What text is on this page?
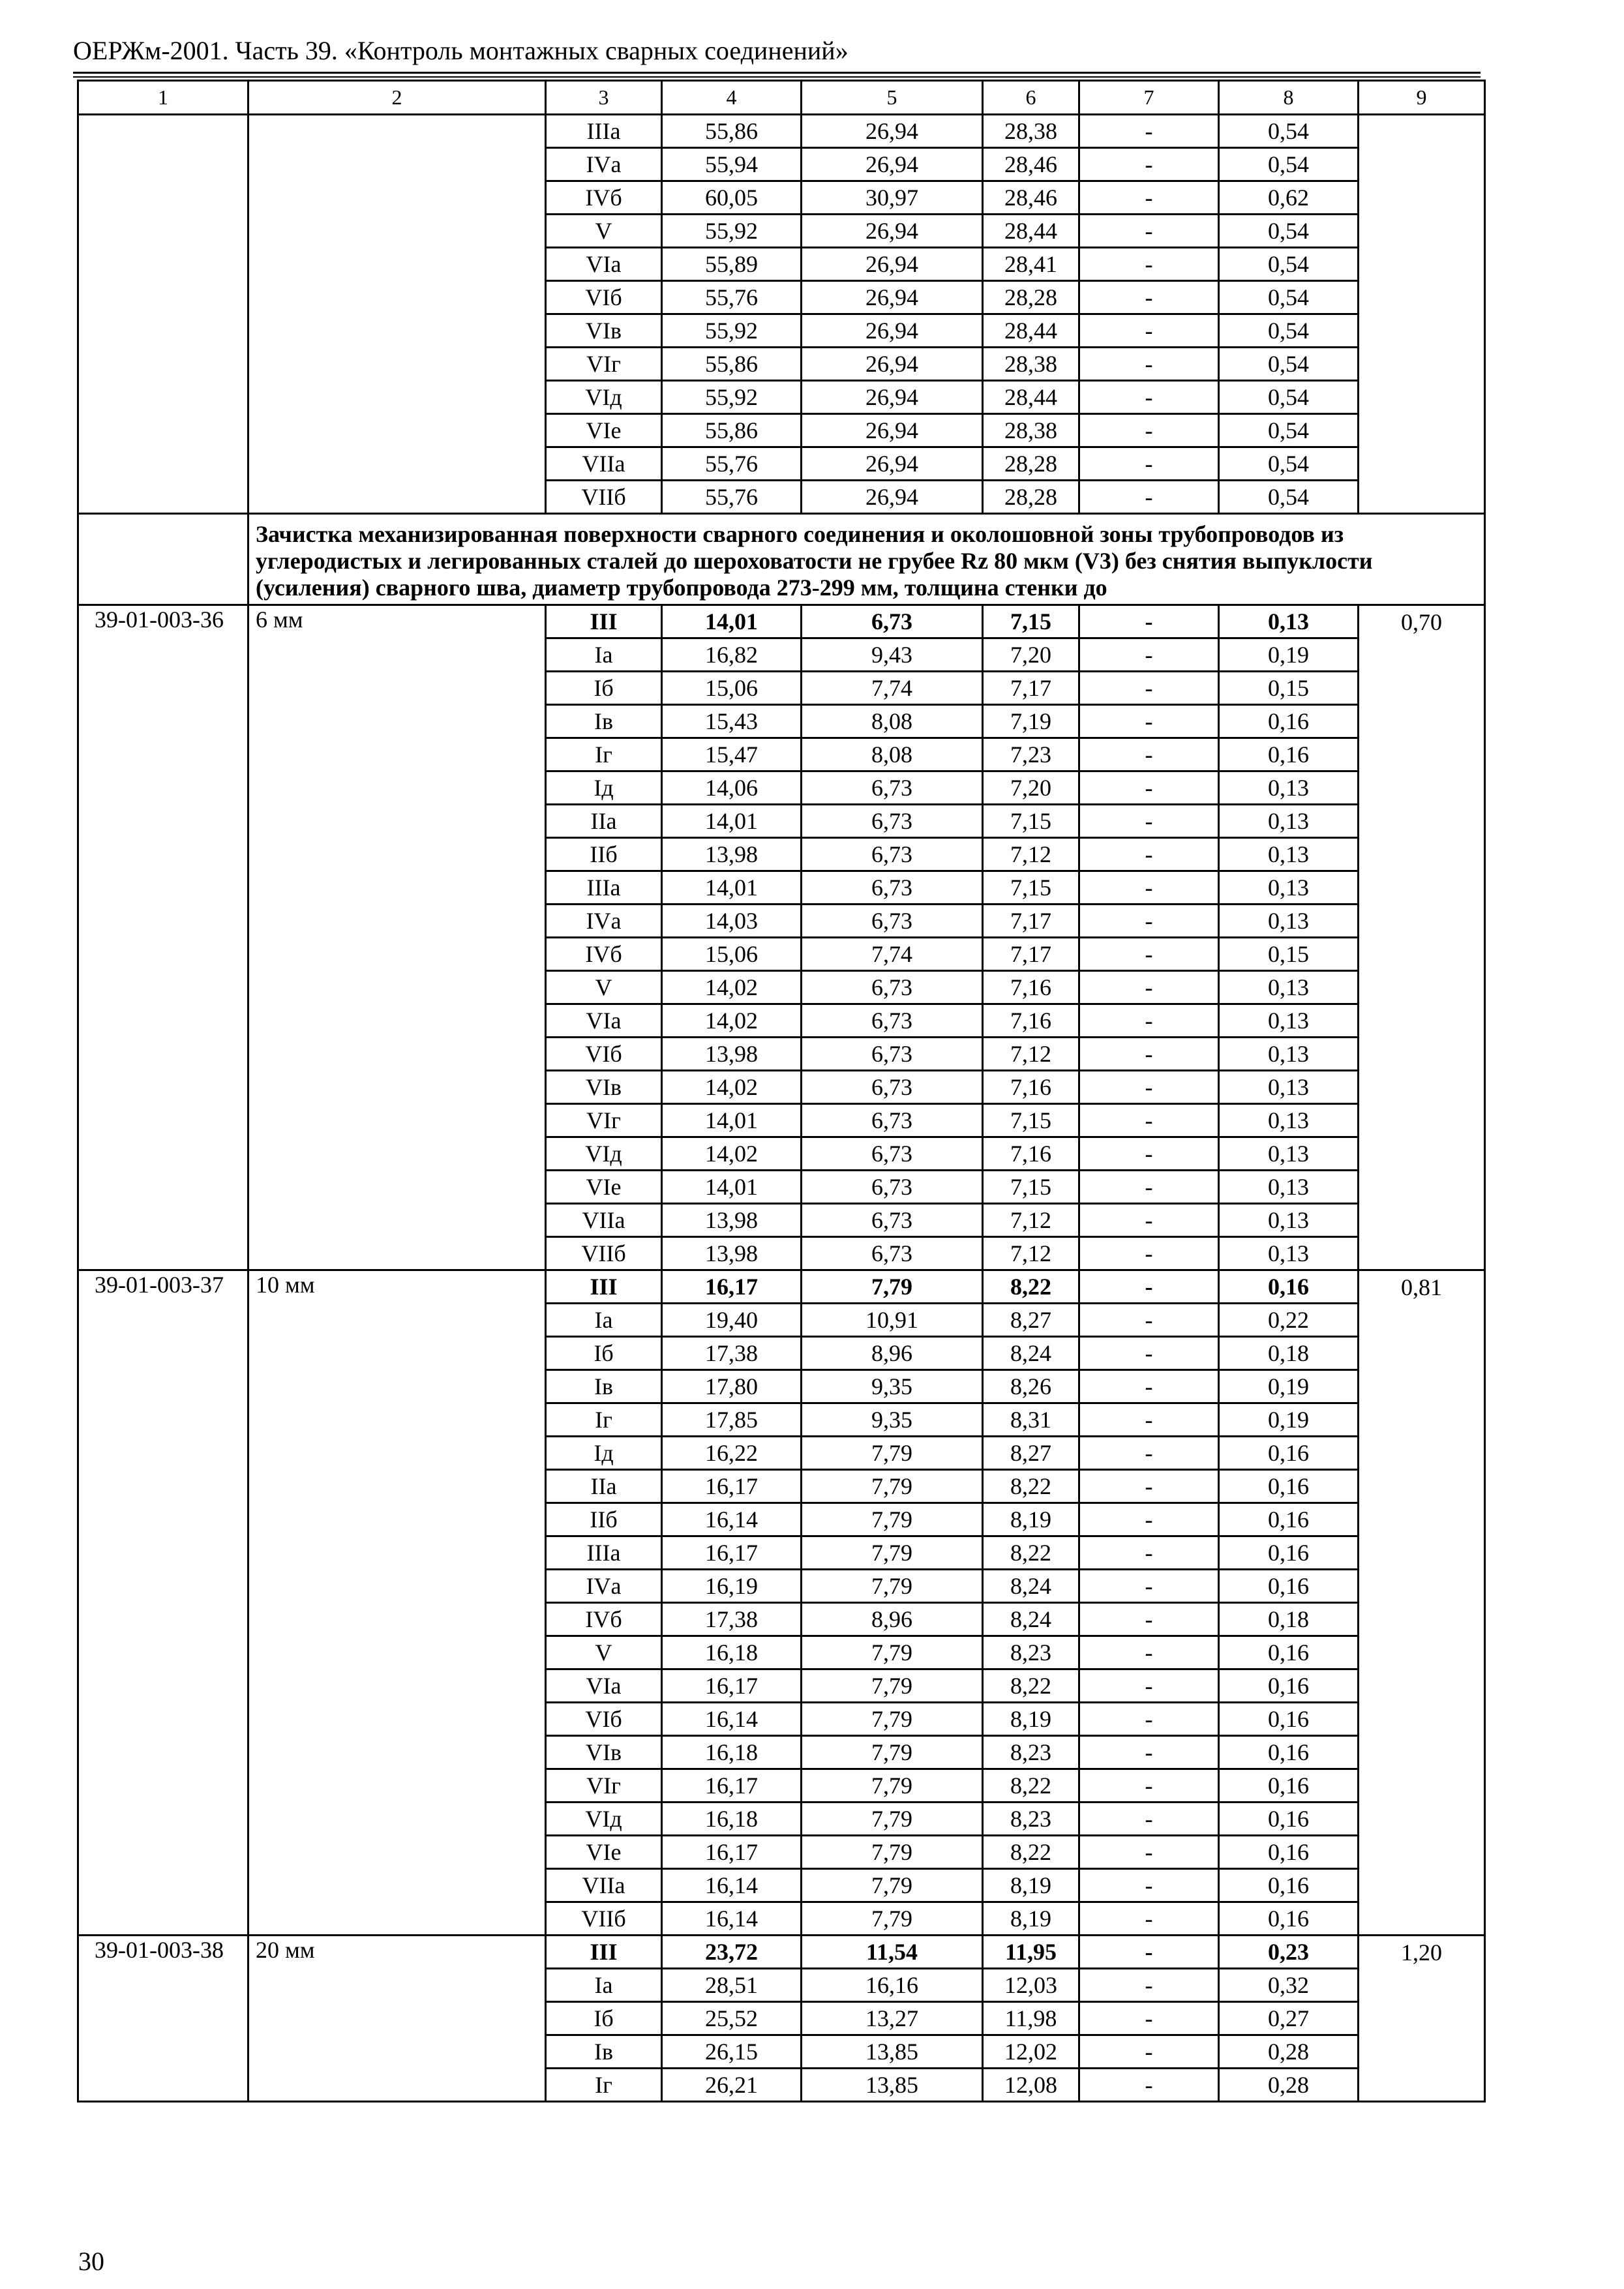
ОЕРЖм-2001. Часть 39. «Контроль монтажных сварных соединений»
1	2	3	4	5	6	7	8	9
		IIIа	55,86	26,94	28,38	-	0,54	
		IVа	55,94	26,94	28,46	-	0,54	
		IVб	60,05	30,97	28,46	-	0,62	
		V	55,92	26,94	28,44	-	0,54	
		VIа	55,89	26,94	28,41	-	0,54	
		VIб	55,76	26,94	28,28	-	0,54	
		VIв	55,92	26,94	28,44	-	0,54	
		VIг	55,86	26,94	28,38	-	0,54	
		VIд	55,92	26,94	28,44	-	0,54	
		VIе	55,86	26,94	28,38	-	0,54	
		VIIа	55,76	26,94	28,28	-	0,54	
		VIIб	55,76	26,94	28,28	-	0,54	
	Зачистка механизированная поверхности сварного соединения и околошовной зоны трубопроводов из углеродистых и легированных сталей до шероховатости не грубее Rz 80 мкм (V3) без снятия выпуклости (усиления) сварного шва, диаметр трубопровода 273-299 мм, толщина стенки до							
39-01-003-36	6 мм	III	14,01	6,73	7,15	-	0,13	0,70
		Iа	16,82	9,43	7,20	-	0,19	
		Iб	15,06	7,74	7,17	-	0,15	
		Iв	15,43	8,08	7,19	-	0,16	
		Iг	15,47	8,08	7,23	-	0,16	
		Iд	14,06	6,73	7,20	-	0,13	
		IIа	14,01	6,73	7,15	-	0,13	
		IIб	13,98	6,73	7,12	-	0,13	
		IIIа	14,01	6,73	7,15	-	0,13	
		IVа	14,03	6,73	7,17	-	0,13	
		IVб	15,06	7,74	7,17	-	0,15	
		V	14,02	6,73	7,16	-	0,13	
		VIа	14,02	6,73	7,16	-	0,13	
		VIб	13,98	6,73	7,12	-	0,13	
		VIв	14,02	6,73	7,16	-	0,13	
		VIг	14,01	6,73	7,15	-	0,13	
		VIд	14,02	6,73	7,16	-	0,13	
		VIе	14,01	6,73	7,15	-	0,13	
		VIIа	13,98	6,73	7,12	-	0,13	
		VIIб	13,98	6,73	7,12	-	0,13	
39-01-003-37	10 мм	III	16,17	7,79	8,22	-	0,16	0,81
		Iа	19,40	10,91	8,27	-	0,22	
		Iб	17,38	8,96	8,24	-	0,18	
		Iв	17,80	9,35	8,26	-	0,19	
		Iг	17,85	9,35	8,31	-	0,19	
		Iд	16,22	7,79	8,27	-	0,16	
		IIа	16,17	7,79	8,22	-	0,16	
		IIб	16,14	7,79	8,19	-	0,16	
		IIIа	16,17	7,79	8,22	-	0,16	
		IVа	16,19	7,79	8,24	-	0,16	
		IVб	17,38	8,96	8,24	-	0,18	
		V	16,18	7,79	8,23	-	0,16	
		VIа	16,17	7,79	8,22	-	0,16	
		VIб	16,14	7,79	8,19	-	0,16	
		VIв	16,18	7,79	8,23	-	0,16	
		VIг	16,17	7,79	8,22	-	0,16	
		VIд	16,18	7,79	8,23	-	0,16	
		VIе	16,17	7,79	8,22	-	0,16	
		VIIа	16,14	7,79	8,19	-	0,16	
		VIIб	16,14	7,79	8,19	-	0,16	
39-01-003-38	20 мм	III	23,72	11,54	11,95	-	0,23	1,20
		Iа	28,51	16,16	12,03	-	0,32	
		Iб	25,52	13,27	11,98	-	0,27	
		Iв	26,15	13,85	12,02	-	0,28	
		Iг	26,21	13,85	12,08	-	0,28	
30
